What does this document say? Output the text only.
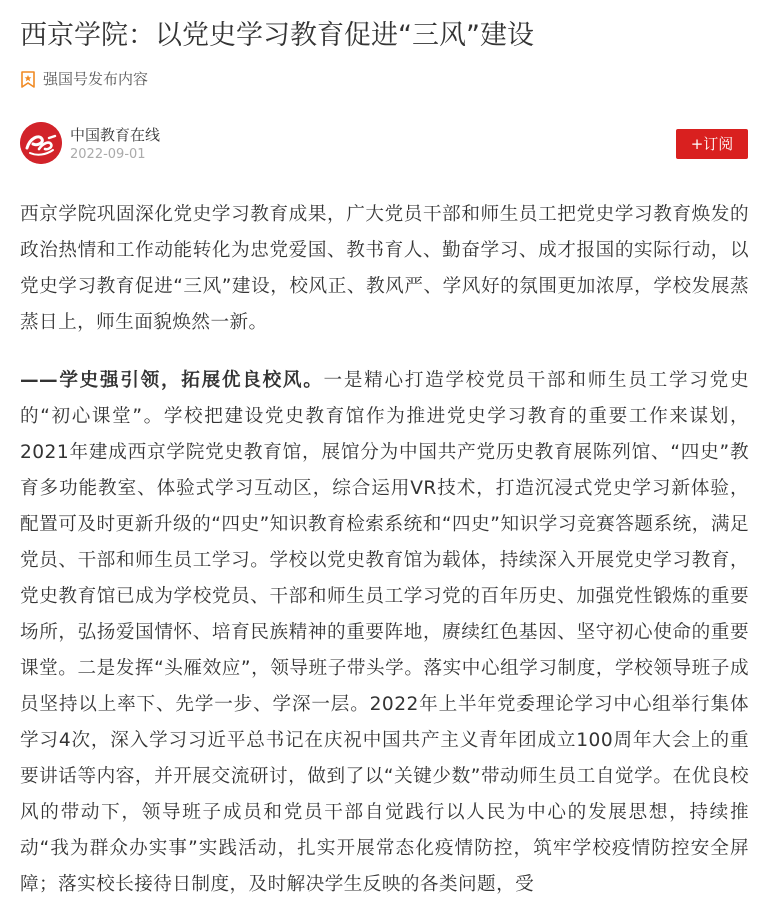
西京学院：以党史学习教育促进“三风”建设
强国号发布内容
中国教育在线
2022-09-01
+订阅

西京学院巩固深化党史学习教育成果，广大党员干部和师生员工把党史学习教育焕发的政治热情和工作动能转化为忠党爱国、教书育人、勤奋学习、成才报国的实际行动，以党史学习教育促进“三风”建设，校风正、教风严、学风好的氛围更加浓厚，学校发展蒸蒸日上，师生面貌焕然一新。

——学史强引领，拓展优良校风。一是精心打造学校党员干部和师生员工学习党史的“初心课堂”。学校把建设党史教育馆作为推进党史学习教育的重要工作来谋划，2021年建成西京学院党史教育馆，展馆分为中国共产党历史教育展陈列馆、“四史”教育多功能教室、体验式学习互动区，综合运用VR技术，打造沉浸式党史学习新体验，配置可及时更新升级的“四史”知识教育检索系统和“四史”知识学习竞赛答题系统，满足党员、干部和师生员工学习。学校以党史教育馆为载体，持续深入开展党史学习教育，党史教育馆已成为学校党员、干部和师生员工学习党的百年历史、加强党性锻炼的重要场所，弘扬爱国情怀、培育民族精神的重要阵地，赓续红色基因、坚守初心使命的重要课堂。二是发挥“头雁效应”，领导班子带头学。落实中心组学习制度，学校领导班子成员坚持以上率下、先学一步、学深一层。2022年上半年党委理论学习中心组举行集体学习4次，深入学习习近平总书记在庆祝中国共产主义青年团成立100周年大会上的重要讲话等内容，并开展交流研讨，做到了以“关键少数”带动师生员工自觉学。在优良校风的带动下，领导班子成员和党员干部自觉践行以人民为中心的发展思想，持续推动“我为群众办实事”实践活动，扎实开展常态化疫情防控，筑牢学校疫情防控安全屏障；落实校长接待日制度，及时解决学生反映的各类问题，受
